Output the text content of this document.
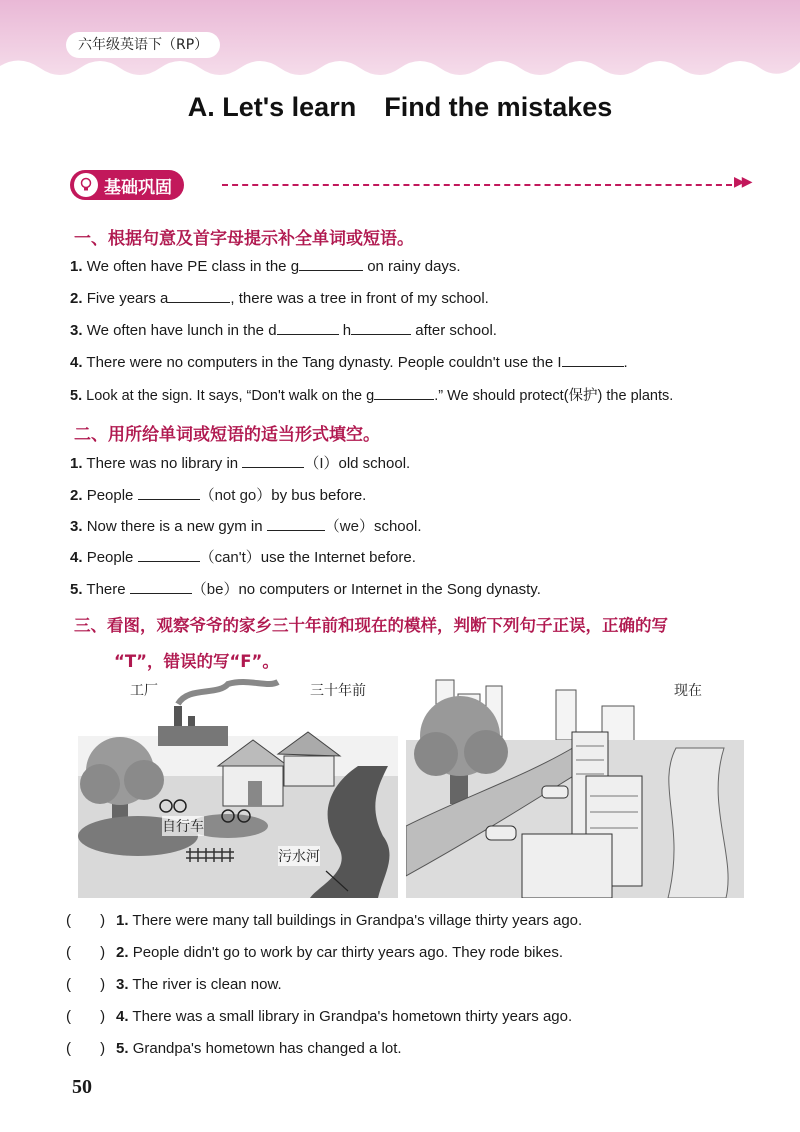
六年级英语下（RP）
A. Let's learn Find the mistakes
基础巩固	▶▶
一、根据句意及首字母提示补全单词或短语。
1. We often have PE class in the g	on rainy days.
2. Five years a	, there was a tree in front of my school.
3. We often have lunch in the d	h	after school.
4. There were no computers in the Tang dynasty. People couldn't use the I	.
5. Look at the sign. It says, “Don't walk on the g	.” We should protect(保护) the plants.
二、用所给单词或短语的适当形式填空。
1. There was no library in	（I）old school.
2. People	（not go）by bus before.
3. Now there is a new gym in	（we）school.
4. People	（can't）use the Internet before.
5. There	（be）no computers or Internet in the Song dynasty.
三、看图，观察爷爷的家乡三十年前和现在的模样，判断下列句子正误，正确的写
“T”，错误的写“F”。
工厂	三十年前	现在
自行车
污水河
(       ) 1. There were many tall buildings in Grandpa's village thirty years ago.
(       ) 2. People didn't go to work by car thirty years ago. They rode bikes.
(       ) 3. The river is clean now.
(       ) 4. There was a small library in Grandpa's hometown thirty years ago.
(       ) 5. Grandpa's hometown has changed a lot.
50
